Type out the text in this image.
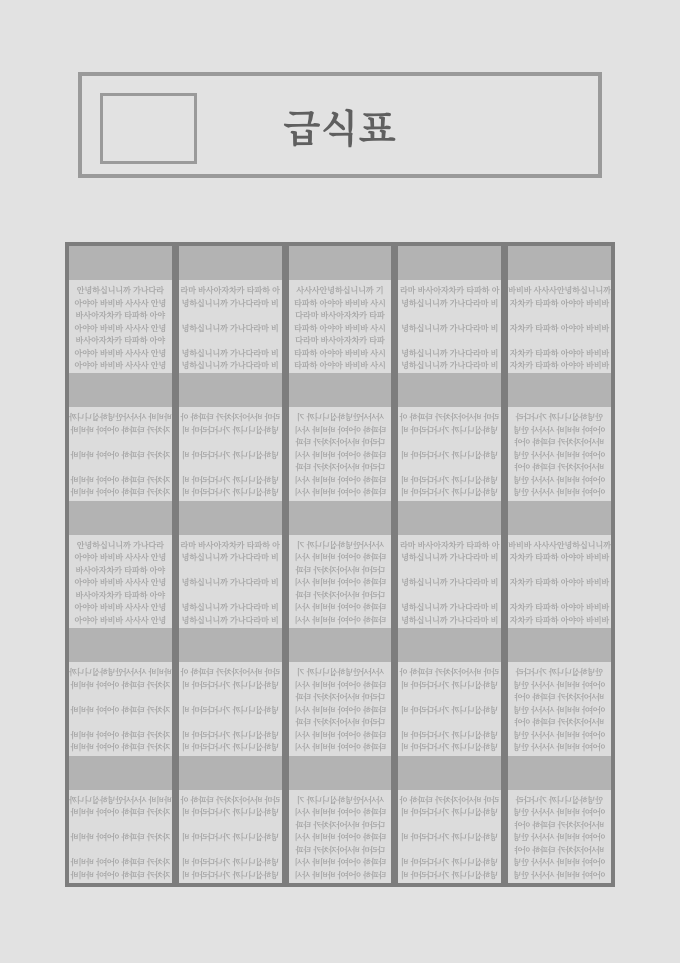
급식표
안녕하십니니까 가나다라
아야아 바비바 사사사 안녕
바사아자차카 타파하 아야
아야아 바비바 사사사 안녕
바사아자차카 타파하 아야
아야아 바비바 사사사 안녕
아야아 바비바 사사사 안녕
바비바 사사사안녕하십니니까
자차카 타파하 아야아 바비바
자차카 타파하 아야아 바비바
자차카 타파하 아야아 바비바
자차카 타파하 아야아 바비바
안녕하십니니까 가나다라
아야아 바비바 사사사 안녕
바사아자차카 타파하 아야
아야아 바비바 사사사 안녕
바사아자차카 타파하 아야
아야아 바비바 사사사 안녕
아야아 바비바 사사사 안녕
바비바 사사사안녕하십니니까
자차카 타파하 아야아 바비바
자차카 타파하 아야아 바비바
자차카 타파하 아야아 바비바
자차카 타파하 아야아 바비바
바비바 사사사안녕하십니니까
자차카 타파하 아야아 바비바
자차카 타파하 아야아 바비바
자차카 타파하 아야아 바비바
자차카 타파하 아야아 바비바
라마 바사아자차카 타파하 아
녕하십니니까 가나다라마 비
녕하십니니까 가나다라마 비
녕하십니니까 가나다라마 비
녕하십니니까 가나다라마 비
라마 바사아자차카 타파하 아
녕하십니니까 가나다라마 비
녕하십니니까 가나다라마 비
녕하십니니까 가나다라마 비
녕하십니니까 가나다라마 비
라마 바사아자차카 타파하 아
녕하십니니까 가나다라마 비
녕하십니니까 가나다라마 비
녕하십니니까 가나다라마 비
녕하십니니까 가나다라마 비
라마 바사아자차카 타파하 아
녕하십니니까 가나다라마 비
녕하십니니까 가나다라마 비
녕하십니니까 가나다라마 비
녕하십니니까 가나다라마 비
라마 바사아자차카 타파하 아
녕하십니니까 가나다라마 비
녕하십니니까 가나다라마 비
녕하십니니까 가나다라마 비
녕하십니니까 가나다라마 비
사사사안녕하십니니까 기
타파하 아야아 바비바 사시
다라마 바사아자차카 타파
타파하 아야아 바비바 사시
다라마 바사아자차카 타파
타파하 아야아 바비바 사시
타파하 아야아 바비바 사시
사사사안녕하십니니까 기
타파하 아야아 바비바 사시
다라마 바사아자차카 타파
타파하 아야아 바비바 사시
다라마 바사아자차카 타파
타파하 아야아 바비바 사시
타파하 아야아 바비바 사시
사사사안녕하십니니까 기
타파하 아야아 바비바 사시
다라마 바사아자차카 타파
타파하 아야아 바비바 사시
다라마 바사아자차카 타파
타파하 아야아 바비바 사시
타파하 아야아 바비바 사시
사사사안녕하십니니까 기
타파하 아야아 바비바 사시
다라마 바사아자차카 타파
타파하 아야아 바비바 사시
다라마 바사아자차카 타파
타파하 아야아 바비바 사시
타파하 아야아 바비바 사시
사사사안녕하십니니까 기
타파하 아야아 바비바 사시
다라마 바사아자차카 타파
타파하 아야아 바비바 사시
다라마 바사아자차카 타파
타파하 아야아 바비바 사시
타파하 아야아 바비바 사시
라마 바사아자차카 타파하 아
녕하십니니까 가나다라마 비
녕하십니니까 가나다라마 비
녕하십니니까 가나다라마 비
녕하십니니까 가나다라마 비
라마 바사아자차카 타파하 아
녕하십니니까 가나다라마 비
녕하십니니까 가나다라마 비
녕하십니니까 가나다라마 비
녕하십니니까 가나다라마 비
라마 바사아자차카 타파하 아
녕하십니니까 가나다라마 비
녕하십니니까 가나다라마 비
녕하십니니까 가나다라마 비
녕하십니니까 가나다라마 비
라마 바사아자차카 타파하 아
녕하십니니까 가나다라마 비
녕하십니니까 가나다라마 비
녕하십니니까 가나다라마 비
녕하십니니까 가나다라마 비
라마 바사아자차카 타파하 아
녕하십니니까 가나다라마 비
녕하십니니까 가나다라마 비
녕하십니니까 가나다라마 비
녕하십니니까 가나다라마 비
바비바 사사사안녕하십니니까
자차카 타파하 아야아 바비바
자차카 타파하 아야아 바비바
자차카 타파하 아야아 바비바
자차카 타파하 아야아 바비바
안녕하십니니까 가나다라
아야아 바비바 사사사 안녕
바사아자차카 타파하 아야
아야아 바비바 사사사 안녕
바사아자차카 타파하 아야
아야아 바비바 사사사 안녕
아야아 바비바 사사사 안녕
바비바 사사사안녕하십니니까
자차카 타파하 아야아 바비바
자차카 타파하 아야아 바비바
자차카 타파하 아야아 바비바
자차카 타파하 아야아 바비바
안녕하십니니까 가나다라
아야아 바비바 사사사 안녕
바사아자차카 타파하 아야
아야아 바비바 사사사 안녕
바사아자차카 타파하 아야
아야아 바비바 사사사 안녕
아야아 바비바 사사사 안녕
안녕하십니니까 가나다라
아야아 바비바 사사사 안녕
바사아자차카 타파하 아야
아야아 바비바 사사사 안녕
바사아자차카 타파하 아야
아야아 바비바 사사사 안녕
아야아 바비바 사사사 안녕
